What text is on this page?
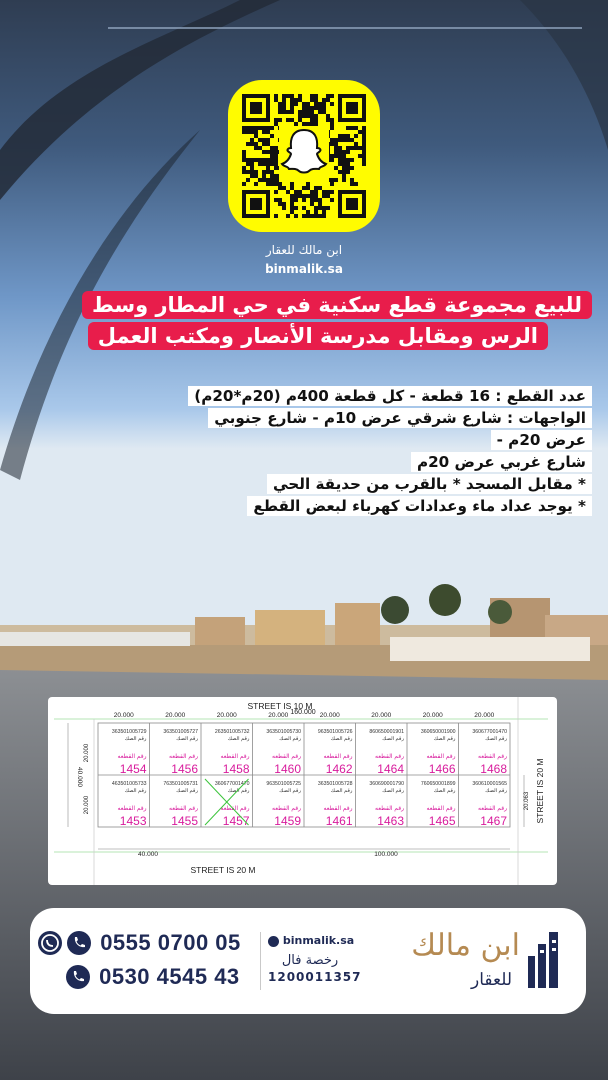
ابن مالك للعقار
binmalik.sa
للبيع مجموعة قطع سكنية في حي المطار وسط
الرس ومقابل مدرسة الأنصار ومكتب العمل
عدد القطع : 16 قطعة - كل قطعة 400م (20م*20م)
الواجهات : شارع شرقي عرض 10م - شارع جنوبي عرض 20م -
شارع غربي عرض 20م
* مقابل المسجد * بالقرب من حديقة الحي
* يوجد عداد ماء وعدادات كهرباء لبعض القطع
20.000
363501005729
رقم الصك
رقم القطعه
1454
463501005733
رقم الصك
رقم القطعه
1453
20.000
363501005727
رقم الصك
رقم القطعه
1456
763501005731
رقم الصك
رقم القطعه
1455
20.000
263501005732
رقم الصك
رقم القطعه
1458
360677001470
رقم الصك
رقم القطعه
1457
20.000
363501005730
رقم الصك
رقم القطعه
1460
963501005725
رقم الصك
رقم القطعه
1459
20.000
963501005726
رقم الصك
رقم القطعه
1462
363501005728
رقم الصك
رقم القطعه
1461
20.000
860650001901
رقم الصك
رقم القطعه
1464
360690001790
رقم الصك
رقم القطعه
1463
20.000
360650001900
رقم الصك
رقم القطعه
1466
760650001899
رقم الصك
رقم القطعه
1465
20.000
360677001470
رقم الصك
رقم القطعه
1468
360610001565
رقم الصك
رقم القطعه
1467
STREET IS 10 M
160.000
STREET IS 20 M
40.000	100.000
40.000
20.000
20.000	20.063 STREET IS 20 M
0555 0700 05
0530 4545 43
binmalik.sa
رخصة فال
1200011357
ابن مالك
للعقار
